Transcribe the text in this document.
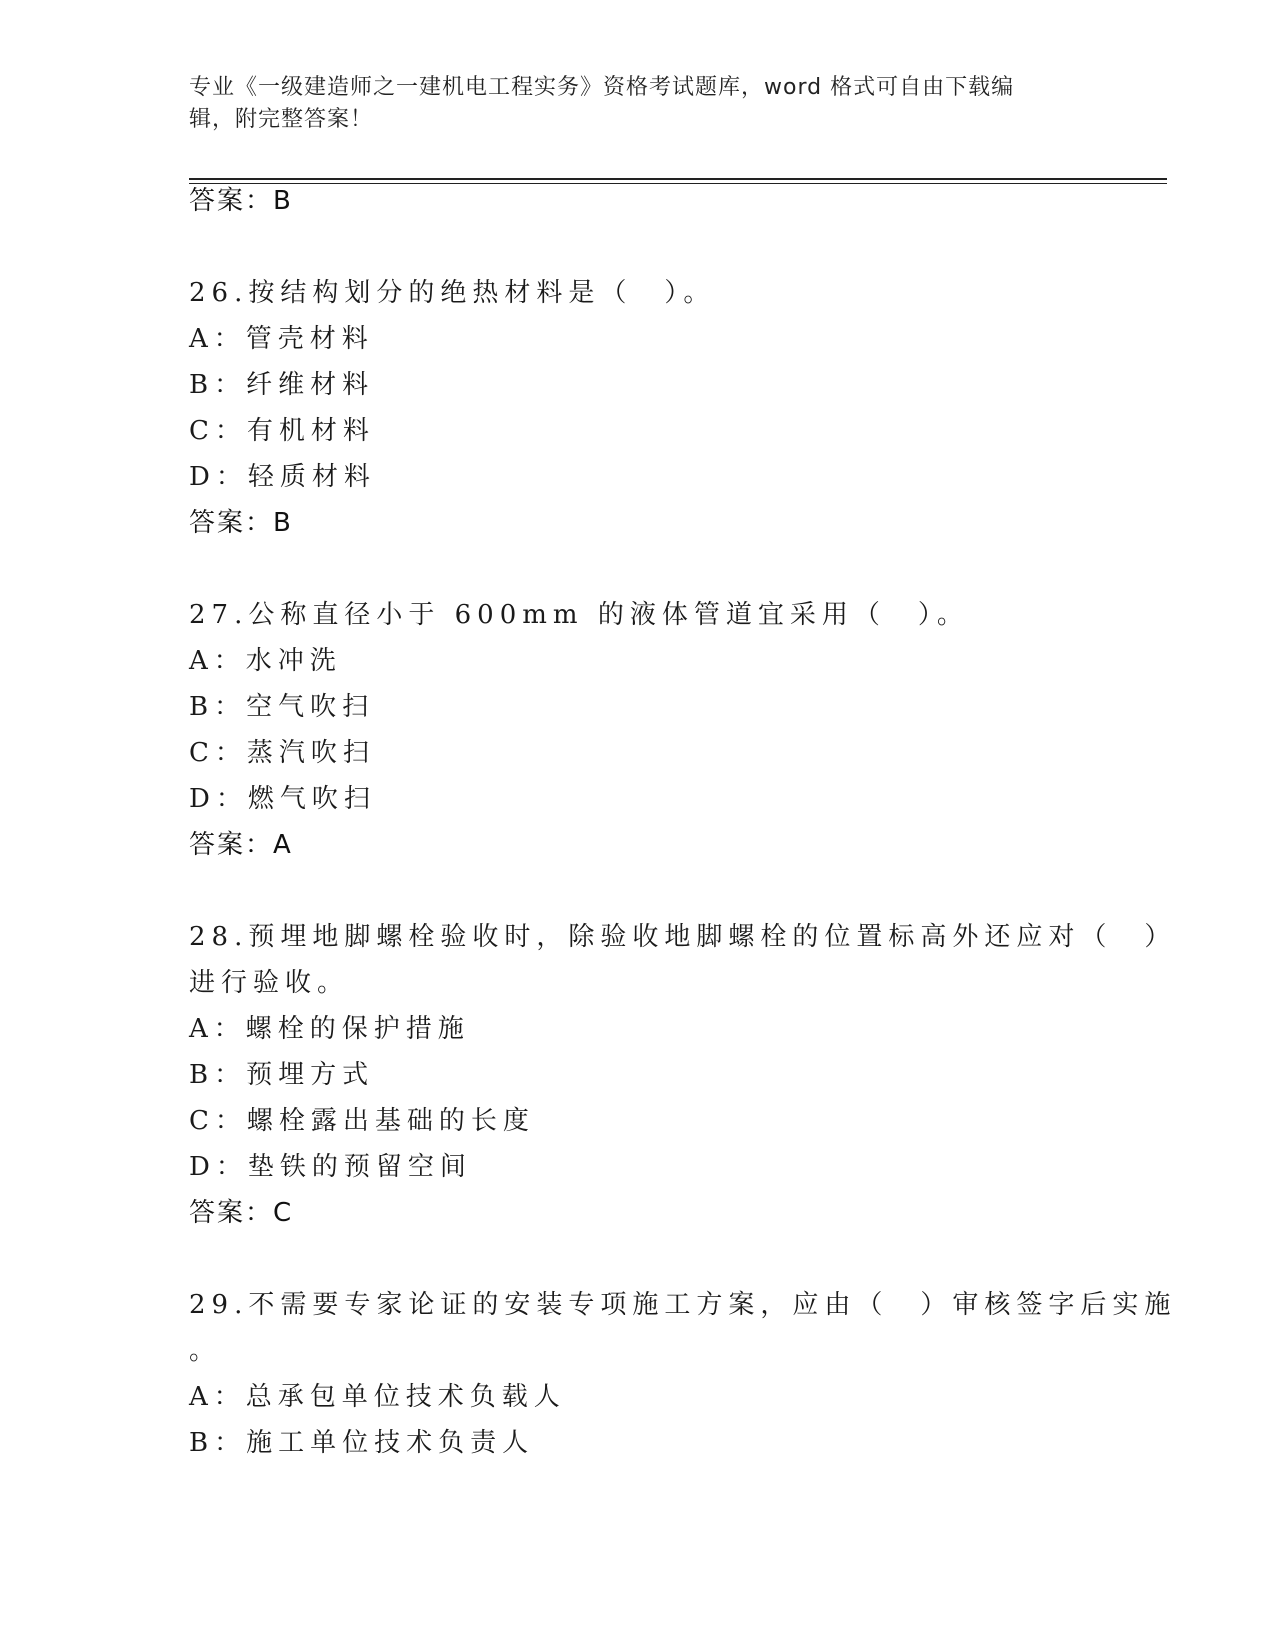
专业《一级建造师之一建机电工程实务》资格考试题库，word 格式可自由下载编
辑，附完整答案！
答案：B
26.按结构划分的绝热材料是（　）。
A：管壳材料
B：纤维材料
C：有机材料
D：轻质材料
答案：B
27.公称直径小于 600mm 的液体管道宜采用（　）。
A：水冲洗
B：空气吹扫
C：蒸汽吹扫
D：燃气吹扫
答案：A
28.预埋地脚螺栓验收时，除验收地脚螺栓的位置标高外还应对（　）
进行验收。
A：螺栓的保护措施
B：预埋方式
C：螺栓露出基础的长度
D：垫铁的预留空间
答案：C
29.不需要专家论证的安装专项施工方案，应由（　）审核签字后实施
。
A：总承包单位技术负载人
B：施工单位技术负责人
